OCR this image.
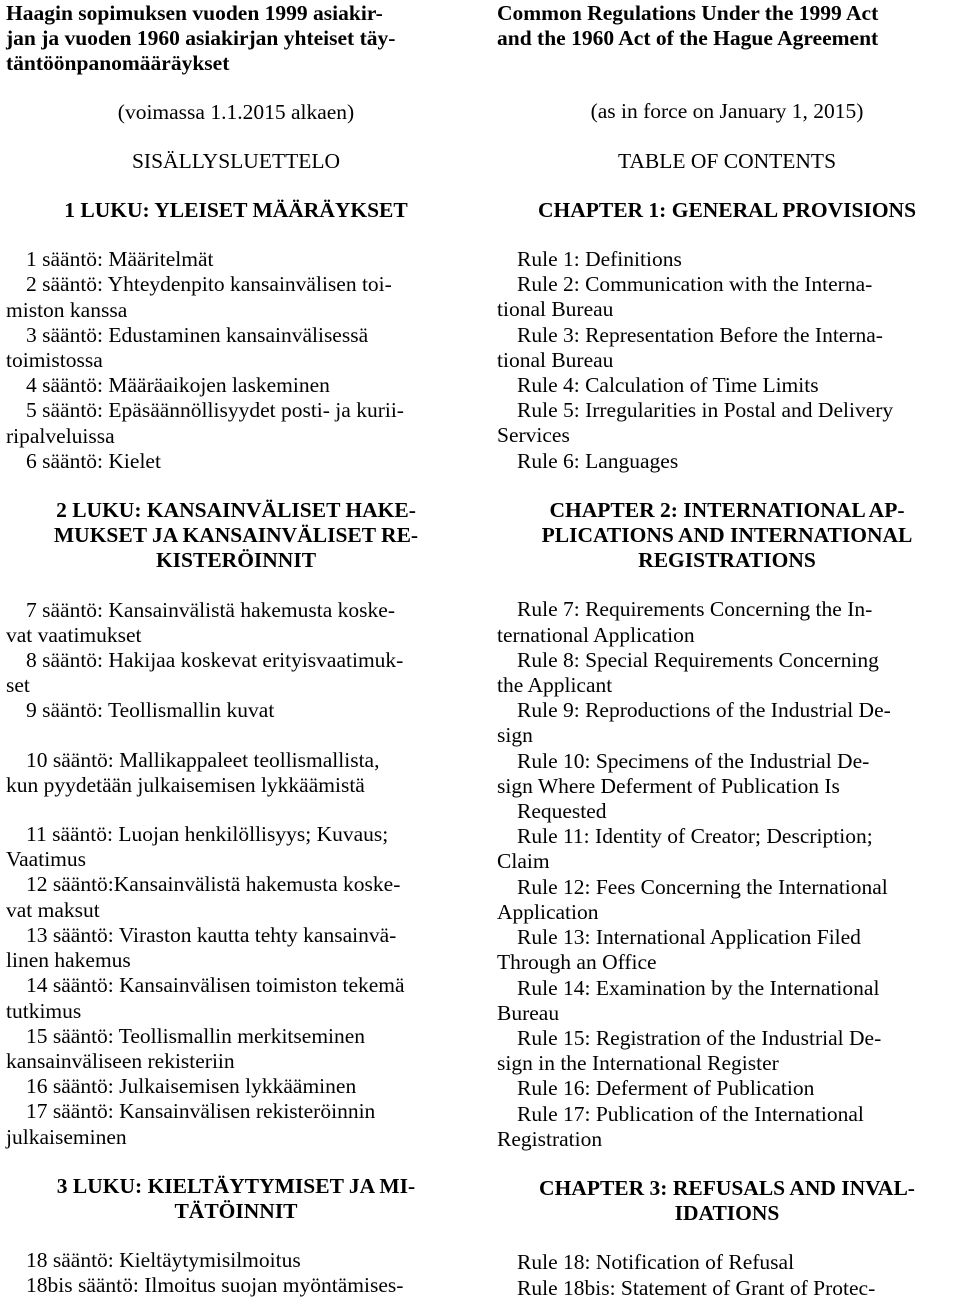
Haagin sopimuksen vuoden 1999 asiakir-
jan ja vuoden 1960 asiakirjan yhteiset täy-
täntöönpanomääräykset
(voimassa 1.1.2015 alkaen)
SISÄLLYSLUETTELO
1 LUKU: YLEISET MÄÄRÄYKSET
1 sääntö: Määritelmät
2 sääntö: Yhteydenpito kansainvälisen toi-
miston kanssa
3 sääntö: Edustaminen kansainvälisessä
toimistossa
4 sääntö: Määräaikojen laskeminen
5 sääntö: Epäsäännöllisyydet posti- ja kurii-
ripalveluissa
6 sääntö: Kielet
2 LUKU: KANSAINVÄLISET HAKE-
MUKSET JA KANSAINVÄLISET RE-
KISTERÖINNIT
7 sääntö: Kansainvälistä hakemusta koske-
vat vaatimukset
8 sääntö: Hakijaa koskevat erityisvaatimuk-
set
9 sääntö: Teollismallin kuvat
10 sääntö: Mallikappaleet teollismallista,
kun pyydetään julkaisemisen lykkäämistä
11 sääntö: Luojan henkilöllisyys; Kuvaus;
Vaatimus
12 sääntö:Kansainvälistä hakemusta koske-
vat maksut
13 sääntö: Viraston kautta tehty kansainvä-
linen hakemus
14 sääntö: Kansainvälisen toimiston tekemä
tutkimus
15 sääntö: Teollismallin merkitseminen
kansainväliseen rekisteriin
16 sääntö: Julkaisemisen lykkääminen
17 sääntö: Kansainvälisen rekisteröinnin
julkaiseminen
3 LUKU: KIELTÄYTYMISET JA MI-
TÄTÖINNIT
18 sääntö: Kieltäytymisilmoitus
18bis sääntö: Ilmoitus suojan myöntämises-
Common Regulations Under the 1999 Act
and the 1960 Act of the Hague Agreement
(as in force on January 1, 2015)
TABLE OF CONTENTS
CHAPTER 1: GENERAL PROVISIONS
Rule 1: Definitions
Rule 2: Communication with the Interna-
tional Bureau
Rule 3: Representation Before the Interna-
tional Bureau
Rule 4: Calculation of Time Limits
Rule 5: Irregularities in Postal and Delivery
Services
Rule 6: Languages
CHAPTER 2: INTERNATIONAL AP-
PLICATIONS AND INTERNATIONAL
REGISTRATIONS
Rule 7: Requirements Concerning the In-
ternational Application
Rule 8: Special Requirements Concerning
the Applicant
Rule 9: Reproductions of the Industrial De-
sign
Rule 10: Specimens of the Industrial De-
sign Where Deferment of Publication Is
Requested
Rule 11: Identity of Creator; Description;
Claim
Rule 12: Fees Concerning the International
Application
Rule 13: International Application Filed
Through an Office
Rule 14: Examination by the International
Bureau
Rule 15: Registration of the Industrial De-
sign in the International Register
Rule 16: Deferment of Publication
Rule 17: Publication of the International
Registration
CHAPTER 3: REFUSALS AND INVAL-
IDATIONS
Rule 18: Notification of Refusal
Rule 18bis: Statement of Grant of Protec-
